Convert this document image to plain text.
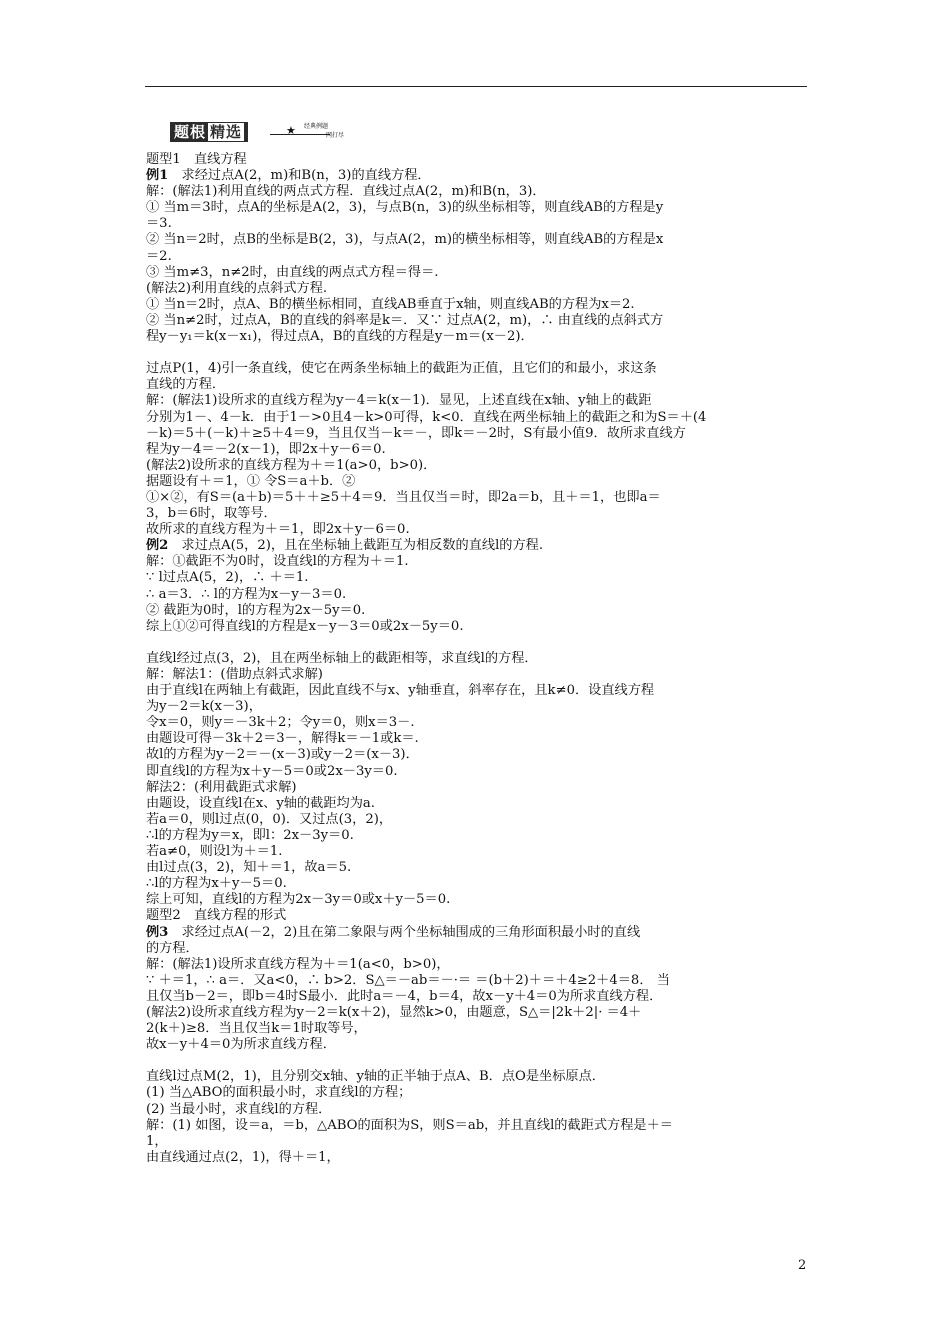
题根 精选	★ 经典例题
一网打尽
题型1　直线方程
例1　求经过点A(2，m)和B(n，3)的直线方程．
解：(解法1)利用直线的两点式方程．直线过点A(2，m)和B(n，3)．
① 当m＝3时，点A的坐标是A(2，3)，与点B(n，3)的纵坐标相等，则直线AB的方程是y
＝3.
② 当n＝2时，点B的坐标是B(2，3)，与点A(2，m)的横坐标相等，则直线AB的方程是x
＝2.
③ 当m≠3，n≠2时，由直线的两点式方程＝得＝.
(解法2)利用直线的点斜式方程.
① 当n＝2时，点A、B的横坐标相同，直线AB垂直于x轴，则直线AB的方程为x＝2.
② 当n≠2时，过点A，B的直线的斜率是k＝．又∵ 过点A(2，m)，∴ 由直线的点斜式方
程y－y₁＝k(x－x₁)，得过点A，B的直线的方程是y－m＝(x－2)．
过点P(1，4)引一条直线，使它在两条坐标轴上的截距为正值，且它们的和最小，求这条
直线的方程．
解：(解法1)设所求的直线方程为y－4＝k(x－1)．显见，上述直线在x轴、y轴上的截距
分别为1－、4－k．由于1－>0且4－k>0可得，k<0．直线在两坐标轴上的截距之和为S＝＋(4
－k)＝5＋(－k)＋≥5＋4＝9，当且仅当－k＝－，即k＝－2时，S有最小值9．故所求直线方
程为y－4＝－2(x－1)，即2x＋y－6＝0.
(解法2)设所求的直线方程为＋＝1(a>0，b>0)．
据题设有＋＝1，① 令S＝a＋b．②
①×②，有S＝(a＋b)＝5＋＋≥5＋4＝9．当且仅当＝时，即2a＝b，且＋＝1，也即a＝
3，b＝6时，取等号．
故所求的直线方程为＋＝1，即2x＋y－6＝0.
例2　求过点A(5，2)，且在坐标轴上截距互为相反数的直线l的方程.
解：①截距不为0时，设直线l的方程为＋＝1.
∵ l过点A(5，2)，∴ ＋＝1.
∴ a＝3．∴ l的方程为x－y－3＝0.
② 截距为0时，l的方程为2x－5y＝0.
综上①②可得直线l的方程是x－y－3＝0或2x－5y＝0.
直线l经过点(3，2)，且在两坐标轴上的截距相等，求直线l的方程．
解：解法1：(借助点斜式求解)
由于直线l在两轴上有截距，因此直线不与x、y轴垂直，斜率存在，且k≠0．设直线方程
为y－2＝k(x－3)，
令x＝0，则y＝－3k＋2；令y＝0，则x＝3－.
由题设可得－3k＋2＝3－，解得k＝－1或k＝.
故l的方程为y－2＝－(x－3)或y－2＝(x－3)．
即直线l的方程为x＋y－5＝0或2x－3y＝0.
解法2：(利用截距式求解)
由题设，设直线l在x、y轴的截距均为a.
若a＝0，则l过点(0，0)．又过点(3，2)，
∴l的方程为y＝x，即l：2x－3y＝0.
若a≠0，则设l为＋＝1.
由l过点(3，2)，知＋＝1，故a＝5.
∴l的方程为x＋y－5＝0.
综上可知，直线l的方程为2x－3y＝0或x＋y－5＝0.
题型2　直线方程的形式
例3　求经过点A(－2，2)且在第二象限与两个坐标轴围成的三角形面积最小时的直线
的方程．
解：(解法1)设所求直线方程为＋＝1(a<0，b>0)，
∵ ＋＝1，∴ a＝．又a<0，∴ b>2．S△＝－ab＝－·＝ ＝(b＋2)＋＝＋4≥2＋4＝8． 当
且仅当b－2＝，即b＝4时S最小．此时a＝－4，b＝4，故x－y＋4＝0为所求直线方程．
(解法2)设所求直线方程为y－2＝k(x＋2)，显然k>0，由题意，S△＝|2k＋2|· ＝4＋
2(k＋)≥8．当且仅当k＝1时取等号，
故x－y＋4＝0为所求直线方程．
直线l过点M(2，1)，且分别交x轴、y轴的正半轴于点A、B．点O是坐标原点．
(1) 当△ABO的面积最小时，求直线l的方程；
(2) 当最小时，求直线l的方程．
解：(1) 如图，设＝a，＝b，△ABO的面积为S，则S＝ab，并且直线l的截距式方程是＋＝
1，
由直线通过点(2，1)，得＋＝1，
2
